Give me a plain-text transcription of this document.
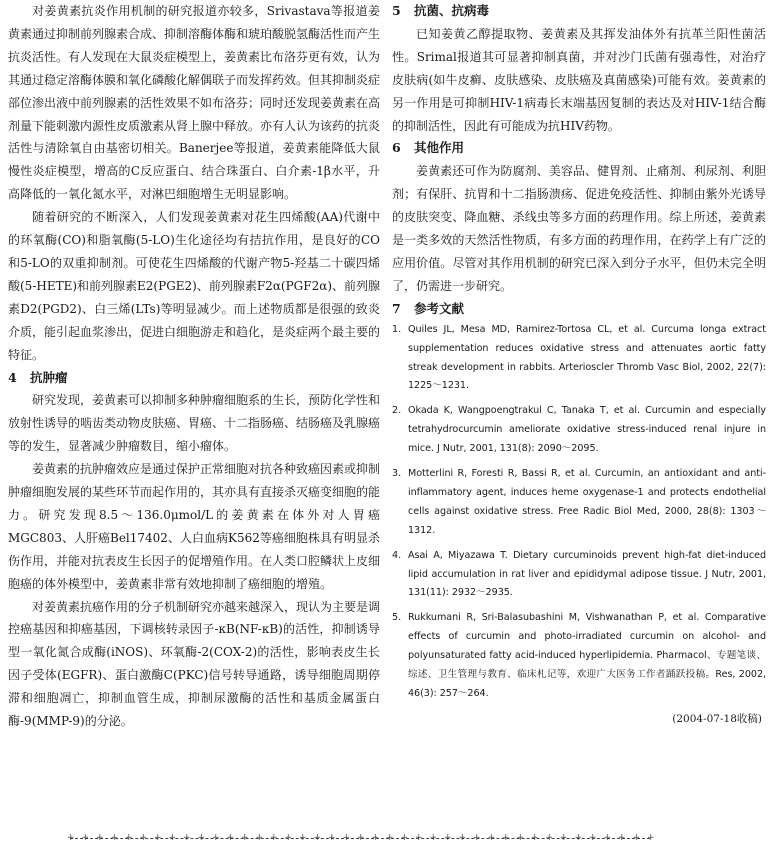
对姜黄素抗炎作用机制的研究报道亦较多，Srivastava等报道姜黄素通过抑制前列腺素合成、抑制溶酶体酶和琥珀酸脱氢酶活性而产生抗炎活性。有人发现在大鼠炎症模型上，姜黄素比布洛芬更有效，认为其通过稳定溶酶体膜和氧化磷酸化解偶联子而发挥药效。但其抑制炎症部位渗出液中前列腺素的活性效果不如布洛芬；同时还发现姜黄素在高剂量下能刺激内源性皮质激素从肾上腺中释放。亦有人认为该药的抗炎活性与清除氧自由基密切相关。Banerjee等报道，姜黄素能降低大鼠慢性炎症模型，增高的C反应蛋白、结合珠蛋白、白介素-1β水平，升高降低的一氧化氮水平，对淋巴细胞增生无明显影响。

随着研究的不断深入，人们发现姜黄素对花生四烯酸(AA)代谢中的环氧酶(CO)和脂氧酶(5-LO)生化途径均有拮抗作用，是良好的CO和5-LO的双重抑制剂。可使花生四烯酸的代谢产物5-羟基二十碳四烯酸(5-HETE)和前列腺素E2(PGE2)、前列腺素F2α(PGF2α)、前列腺素D2(PGD2)、白三烯(LTs)等明显减少。而上述物质都是很强的致炎介质，能引起血浆渗出，促进白细胞游走和趋化，是炎症两个最主要的特征。

4 抗肿瘤

研究发现，姜黄素可以抑制多种肿瘤细胞系的生长，预防化学性和放射性诱导的啮齿类动物皮肤癌、胃癌、十二指肠癌、结肠癌及乳腺癌等的发生，显著减少肿瘤数目，缩小瘤体。

姜黄素的抗肿瘤效应是通过保护正常细胞对抗各种致癌因素或抑制肿瘤细胞发展的某些环节而起作用的，其亦具有直接杀灭癌变细胞的能力。研究发现8.5～136.0μmol/L的姜黄素在体外对人胃癌MGC803、人肝癌Bel17402、人白血病K562等癌细胞株具有明显杀伤作用，并能对抗表皮生长因子的促增殖作用。在人类口腔鳞状上皮细胞癌的体外模型中，姜黄素非常有效地抑制了癌细胞的增殖。

对姜黄素抗癌作用的分子机制研究亦越来越深入，现认为主要是调控癌基因和抑癌基因，下调核转录因子-κB(NF-κB)的活性，抑制诱导型一氧化氮合成酶(iNOS)、环氧酶-2(COX-2)的活性，影响表皮生长因子受体(EGFR)、蛋白激酶C(PKC)信号转导通路，诱导细胞周期停滞和细胞凋亡，抑制血管生成，抑制尿激酶的活性和基质金属蛋白酶-9(MMP-9)的分泌。

5 抗菌、抗病毒

已知姜黄乙醇提取物、姜黄素及其挥发油体外有抗革兰阳性菌活性。Srimal报道其可显著抑制真菌，并对沙门氏菌有强毒性，对治疗皮肤病(如牛皮癣、皮肤感染、皮肤癌及真菌感染)可能有效。姜黄素的另一作用是可抑制HIV-1病毒长末端基因复制的表达及对HIV-1结合酶的抑制活性，因此有可能成为抗HIV药物。

6 其他作用

姜黄素还可作为防腐剂、美容品、健胃剂、止痛剂、利尿剂、利胆剂；有保肝、抗胃和十二指肠溃疡、促进免疫活性、抑制由紫外光诱导的皮肤突变、降血糖、杀线虫等多方面的药理作用。综上所述，姜黄素是一类多效的天然活性物质，有多方面的药理作用，在药学上有广泛的应用价值。尽管对其作用机制的研究已深入到分子水平，但仍未完全明了，仍需进一步研究。

7 参考文献

1. Quiles JL, Mesa MD, Ramirez-Tortosa CL, et al. Curcuma longa extract supplementation reduces oxidative stress and attenuates aortic fatty streak development in rabbits. Arterioscler Thromb Vasc Biol, 2002, 22(7): 1225～1231.
2. Okada K, Wangpoengtrakul C, Tanaka T, et al. Curcumin and especially tetrahydrocurcumin ameliorate oxidative stress-induced renal injure in mice. J Nutr, 2001, 131(8): 2090～2095.
3. Motterlini R, Foresti R, Bassi R, et al. Curcumin, an antioxidant and anti-inflammatory agent, induces heme oxygenase-1 and protects endothelial cells against oxidative stress. Free Radic Biol Med, 2000, 28(8): 1303～1312.
4. Asai A, Miyazawa T. Dietary curcuminoids prevent high-fat diet-induced lipid accumulation in rat liver and epididymal adipose tissue. J Nutr, 2001, 131(11): 2932～2935.
5. Rukkumani R, Sri-Balasubashini M, Vishwanathan P, et al. Comparative effects of curcumin and photo-irradiated curcumin on alcohol- and polyunsaturated fatty acid-induced hyperlipidemia. Pharmacol、专题笔谈、综述、卫生管理与教育、临床札记等，欢迎广大医务工作者踊跃投稿。Res, 2002, 46(3): 257～264.

(2004-07-18收稿)

+ + + + + + + + + + + + + + + + + + + + + + + + + + + + + + + + + + + + + + + + +
